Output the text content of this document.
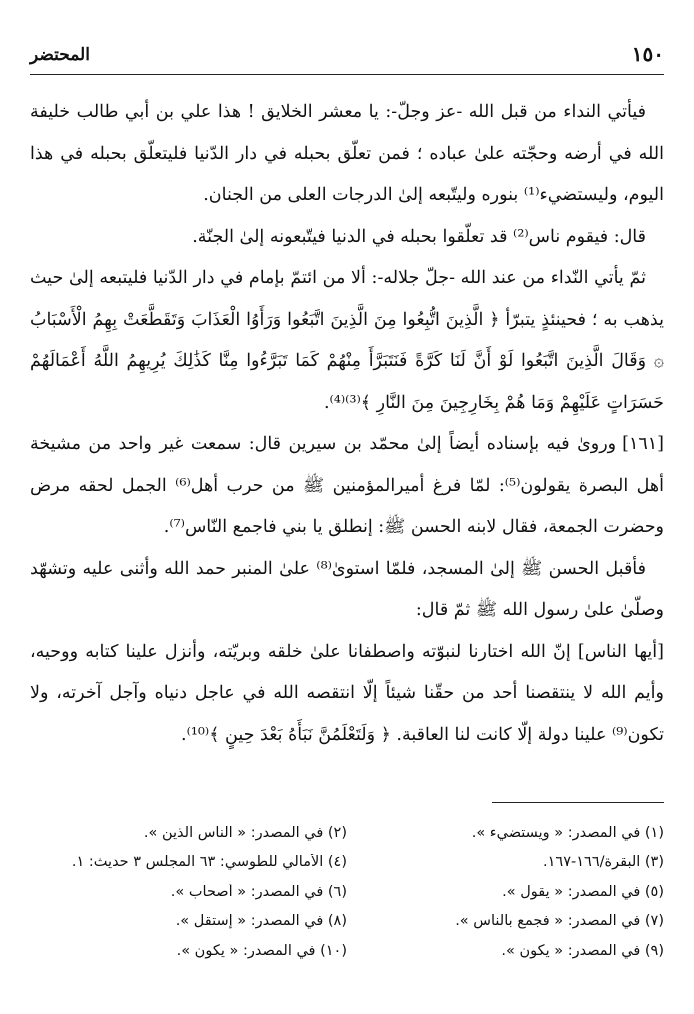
١٥٠
المحتضر

فيأتي النداء من قبل الله -عز وجلّ-: يا معشر الخلايق ! هذا علي بن أبي طالب خليفة الله في أرضه وحجّته علىٰ عباده ؛ فمن تعلّق بحبله في دار الدّنيا فليتعلّق بحبله في هذا اليوم، وليستضيء⁽¹⁾ بنوره وليتّبعه إلىٰ الدرجات العلى من الجنان.

قال: فيقوم ناس⁽²⁾ قد تعلّقوا بحبله في الدنيا فيتّبعونه إلىٰ الجنّة.

ثمّ يأتي النّداء من عند الله -جلّ جلاله-: ألا من ائتمّ بإمام في دار الدّنيا فليتبعه إلىٰ حيث يذهب به ؛ فحينئذٍ يتبرّأ ﴿ الَّذِينَ اتُّبِعُوا مِنَ الَّذِينَ اتَّبَعُوا وَرَأَوُا الْعَذَابَ وَتَقَطَّعَتْ بِهِمُ الْأَسْبَابُ ۞ وَقَالَ الَّذِينَ اتَّبَعُوا لَوْ أَنَّ لَنَا كَرَّةً فَنَتَبَرَّأَ مِنْهُمْ كَمَا تَبَرَّءُوا مِنَّا كَذَٰلِكَ يُرِيهِمُ اللَّهُ أَعْمَالَهُمْ حَسَرَاتٍ عَلَيْهِمْ وَمَا هُمْ بِخَارِجِينَ مِنَ النَّارِ ﴾⁽³⁾⁽⁴⁾.

[١٦١]وروىٰ فيه بإسناده أيضاً إلىٰ محمّد بن سيرين قال: سمعت غير واحد من مشيخة أهل البصرة يقولون⁽⁵⁾: لمّا فرغ أميرالمؤمنين ﷺ من حرب أهل⁽⁶⁾ الجمل لحقه مرض وحضرت الجمعة، فقال لابنه الحسن ﷺ: إنطلق يا بني فاجمع النّاس⁽⁷⁾.

فأقبل الحسن ﷺ إلىٰ المسجد، فلمّا استوىٰ⁽⁸⁾ علىٰ المنبر حمد الله وأثنى عليه وتشهّد وصلّىٰ علىٰ رسول الله ﷺ ثمّ قال:

[أيها الناس] إنّ الله اختارنا لنبوّته واصطفانا علىٰ خلقه وبريّته، وأنزل علينا كتابه ووحيه، وأيم الله لا ينتقصنا أحد من حقّنا شيئاً إلّا انتقصه الله في عاجل دنياه وآجل آخرته، ولا تكون⁽⁹⁾ علينا دولة إلّا كانت لنا العاقبة. ﴿ وَلَتَعْلَمُنَّ نَبَأَهُ بَعْدَ حِينٍ ﴾⁽¹⁰⁾.

(١) في المصدر: « ويستضيء ».
(٢) في المصدر: « الناس الذين ».
(٣) البقرة/١٦٦-١٦٧.
(٤) الأمالي للطوسي: ٦٣ المجلس ٣ حديث: ١.
(٥) في المصدر: « يقول ».
(٦) في المصدر: « أصحاب ».
(٧) في المصدر: « فجمع بالناس ».
(٨) في المصدر: « إستقل ».
(٩) في المصدر: « يكون ».
(١٠) في المصدر: « يكون ».
